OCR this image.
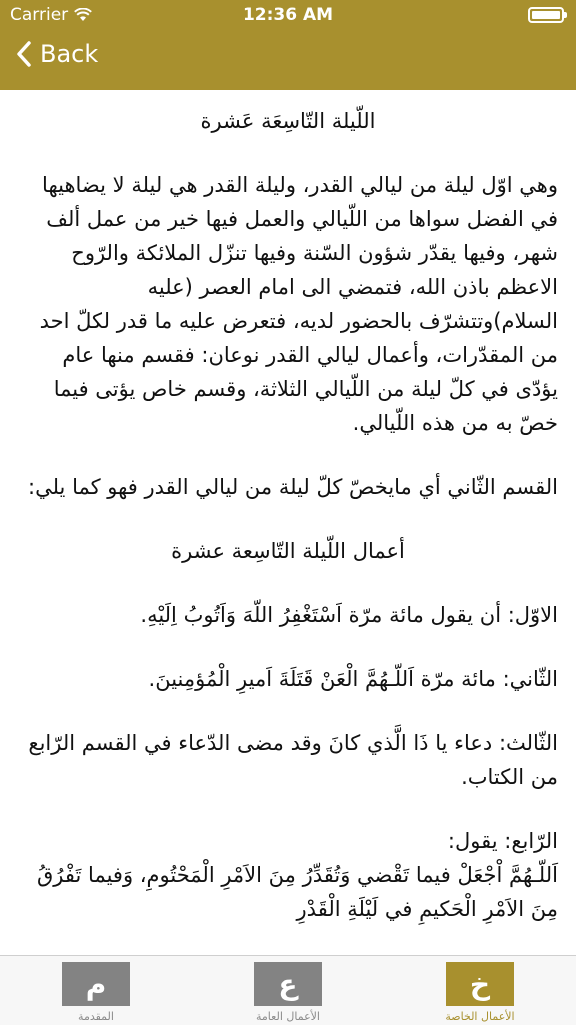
Carrier	12:36 AM
Back

اللّيلة التّاسِعَة عَشرة

وهي اوّل ليلة من ليالي القدر، وليلة القدر هي ليلة لا يضاهيها في الفضل سواها من اللّيالي والعمل فيها خير من عمل ألف شهر، وفيها يقدّر شؤون السّنة وفيها تنزّل الملائكة والرّوح الاعظم باذن الله، فتمضي الى امام العصر (عليه السلام)وتتشرّف بالحضور لديه، فتعرض عليه ما قدر لكلّ احد من المقدّرات، وأعمال ليالي القدر نوعان: فقسم منها عام يؤدّى في كلّ ليلة من اللّيالي الثلاثة، وقسم خاص يؤتى فيما خصّ به من هذه اللّيالي.

القسم الثّاني أي مايخصّ كلّ ليلة من ليالي القدر فهو كما يلي:

أعمال اللّيلة التّاسِعة عشرة

الاوّل: أن يقول مائة مرّة اَسْتَغْفِرُ اللّهَ وَاَتُوبُ اِلَيْهِ.

الثّاني: مائة مرّة اَللّـهُمَّ الْعَنْ قَتَلَةَ اَميرِ الْمُؤمِنينَ.

الثّالث: دعاء يا ذَا الَّذي كانَ وقد مضى الدّعاء في القسم الرّابع من الكتاب.

الرّابع: يقول:

اَللّـهُمَّ اْجْعَلْ فيما تَقْضي وَتُقَدِّرُ مِنَ الاَمْرِ الْمَحْتُومِ، وَفيما تَفْرُقُ مِنَ الاَمْرِ الْحَكيمِ في لَيْلَةِ الْقَدْرِ

خ
الأعمال الخاصة
ع
الأعمال العامة
م
المقدمة
